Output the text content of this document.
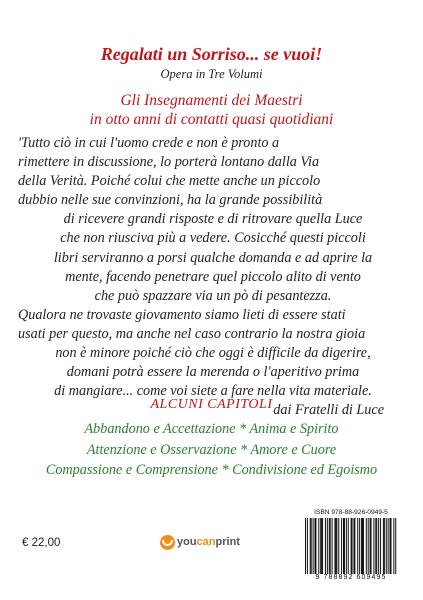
Regalati un Sorriso... se vuoi!
Opera in Tre Volumi
Gli Insegnamenti dei Maestri
in otto anni di contatti quasi quotidiani
'Tutto ciò in cui l'uomo crede e non è pronto a
rimettere in discussione, lo porterà lontano dalla Via
della Verità. Poiché colui che mette anche un piccolo
dubbio nelle sue convinzioni, ha la grande possibilità
di ricevere grandi risposte e di ritrovare quella Luce
che non riusciva più a vedere. Cosicché questi piccoli
libri serviranno a porsi qualche domanda e ad aprire la
mente, facendo penetrare quel piccolo alito di vento
che può spazzare via un pò di pesantezza.
Qualora ne trovaste giovamento siamo lieti di essere stati
usati per questo, ma anche nel caso contrario la nostra gioia
non è minore poiché ciò che oggi è difficile da digerire,
domani potrà essere la merenda o l'aperitivo prima
di mangiare... come voi siete a fare nella vita materiale.
dai Fratelli di Luce
ALCUNI CAPITOLI
Abbandono e Accettazione * Anima e Spirito
Attenzione e Osservazione * Amore e Cuore
Compassione e Comprensione * Condivisione ed Egoismo
€ 22,00	youcanprint
ISBN 978-88-926-0949-5
9 788892 609495
